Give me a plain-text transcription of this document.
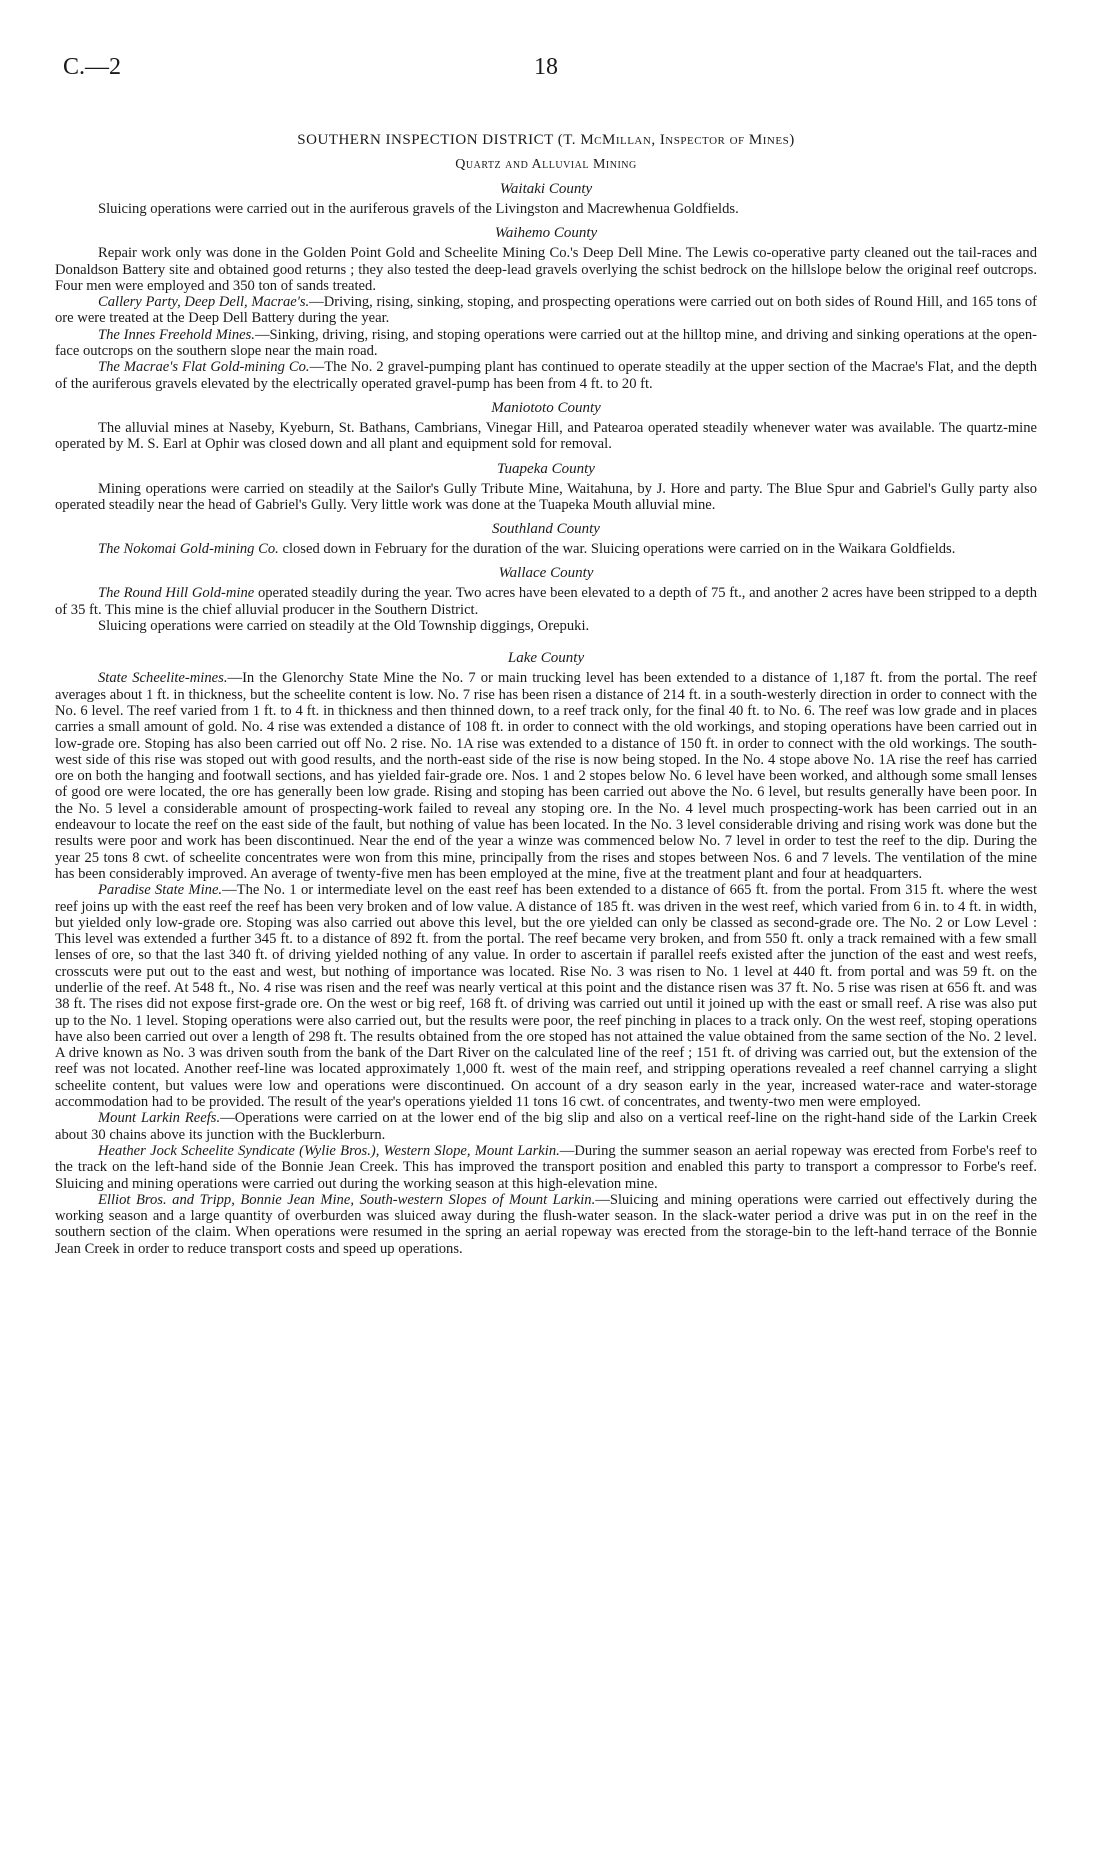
C.—2	18
SOUTHERN INSPECTION DISTRICT (T. McMillan, Inspector of Mines)
Quartz and Alluvial Mining
Waitaki County

Sluicing operations were carried out in the auriferous gravels of the Livingston and Macrewhenua Goldfields.

Waihemo County

Repair work only was done in the Golden Point Gold and Scheelite Mining Co.'s Deep Dell Mine. The Lewis co-operative party cleaned out the tail-races and Donaldson Battery site and obtained good returns ; they also tested the deep-lead gravels overlying the schist bedrock on the hillslope below the original reef outcrops. Four men were employed and 350 ton of sands treated.

Callery Party, Deep Dell, Macrae's.—Driving, rising, sinking, stoping, and prospecting operations were carried out on both sides of Round Hill, and 165 tons of ore were treated at the Deep Dell Battery during the year.

The Innes Freehold Mines.—Sinking, driving, rising, and stoping operations were carried out at the hilltop mine, and driving and sinking operations at the open-face outcrops on the southern slope near the main road.

The Macrae's Flat Gold-mining Co.—The No. 2 gravel-pumping plant has continued to operate steadily at the upper section of the Macrae's Flat, and the depth of the auriferous gravels elevated by the electrically operated gravel-pump has been from 4 ft. to 20 ft.

Maniototo County

The alluvial mines at Naseby, Kyeburn, St. Bathans, Cambrians, Vinegar Hill, and Patearoa operated steadily whenever water was available. The quartz-mine operated by M. S. Earl at Ophir was closed down and all plant and equipment sold for removal.

Tuapeka County

Mining operations were carried on steadily at the Sailor's Gully Tribute Mine, Waitahuna, by J. Hore and party. The Blue Spur and Gabriel's Gully party also operated steadily near the head of Gabriel's Gully. Very little work was done at the Tuapeka Mouth alluvial mine.

Southland County

The Nokomai Gold-mining Co. closed down in February for the duration of the war. Sluicing operations were carried on in the Waikara Goldfields.

Wallace County

The Round Hill Gold-mine operated steadily during the year. Two acres have been elevated to a depth of 75 ft., and another 2 acres have been stripped to a depth of 35 ft. This mine is the chief alluvial producer in the Southern District.

Sluicing operations were carried on steadily at the Old Township diggings, Orepuki.

Lake County

State Scheelite-mines.—In the Glenorchy State Mine the No. 7 or main trucking level has been extended to a distance of 1,187 ft. from the portal. The reef averages about 1 ft. in thickness, but the scheelite content is low. No. 7 rise has been risen a distance of 214 ft. in a south-westerly direction in order to connect with the No. 6 level. The reef varied from 1 ft. to 4 ft. in thickness and then thinned down, to a reef track only, for the final 40 ft. to No. 6. The reef was low grade and in places carries a small amount of gold. No. 4 rise was extended a distance of 108 ft. in order to connect with the old workings, and stoping operations have been carried out in low-grade ore. Stoping has also been carried out off No. 2 rise. No. 1A rise was extended to a distance of 150 ft. in order to connect with the old workings. The south-west side of this rise was stoped out with good results, and the north-east side of the rise is now being stoped. In the No. 4 stope above No. 1A rise the reef has carried ore on both the hanging and footwall sections, and has yielded fair-grade ore. Nos. 1 and 2 stopes below No. 6 level have been worked, and although some small lenses of good ore were located, the ore has generally been low grade. Rising and stoping has been carried out above the No. 6 level, but results generally have been poor. In the No. 5 level a considerable amount of prospecting-work failed to reveal any stoping ore. In the No. 4 level much prospecting-work has been carried out in an endeavour to locate the reef on the east side of the fault, but nothing of value has been located. In the No. 3 level considerable driving and rising work was done but the results were poor and work has been discontinued. Near the end of the year a winze was commenced below No. 7 level in order to test the reef to the dip. During the year 25 tons 8 cwt. of scheelite concentrates were won from this mine, principally from the rises and stopes between Nos. 6 and 7 levels. The ventilation of the mine has been considerably improved. An average of twenty-five men has been employed at the mine, five at the treatment plant and four at headquarters.

Paradise State Mine.—The No. 1 or intermediate level on the east reef has been extended to a distance of 665 ft. from the portal. From 315 ft. where the west reef joins up with the east reef the reef has been very broken and of low value. A distance of 185 ft. was driven in the west reef, which varied from 6 in. to 4 ft. in width, but yielded only low-grade ore. Stoping was also carried out above this level, but the ore yielded can only be classed as second-grade ore. The No. 2 or Low Level : This level was extended a further 345 ft. to a distance of 892 ft. from the portal. The reef became very broken, and from 550 ft. only a track remained with a few small lenses of ore, so that the last 340 ft. of driving yielded nothing of any value. In order to ascertain if parallel reefs existed after the junction of the east and west reefs, crosscuts were put out to the east and west, but nothing of importance was located. Rise No. 3 was risen to No. 1 level at 440 ft. from portal and was 59 ft. on the underlie of the reef. At 548 ft., No. 4 rise was risen and the reef was nearly vertical at this point and the distance risen was 37 ft. No. 5 rise was risen at 656 ft. and was 38 ft. The rises did not expose first-grade ore. On the west or big reef, 168 ft. of driving was carried out until it joined up with the east or small reef. A rise was also put up to the No. 1 level. Stoping operations were also carried out, but the results were poor, the reef pinching in places to a track only. On the west reef, stoping operations have also been carried out over a length of 298 ft. The results obtained from the ore stoped has not attained the value obtained from the same section of the No. 2 level. A drive known as No. 3 was driven south from the bank of the Dart River on the calculated line of the reef ; 151 ft. of driving was carried out, but the extension of the reef was not located. Another reef-line was located approximately 1,000 ft. west of the main reef, and stripping operations revealed a reef channel carrying a slight scheelite content, but values were low and operations were discontinued. On account of a dry season early in the year, increased water-race and water-storage accommodation had to be provided. The result of the year's operations yielded 11 tons 16 cwt. of concentrates, and twenty-two men were employed.

Mount Larkin Reefs.—Operations were carried on at the lower end of the big slip and also on a vertical reef-line on the right-hand side of the Larkin Creek about 30 chains above its junction with the Bucklerburn.

Heather Jock Scheelite Syndicate (Wylie Bros.), Western Slope, Mount Larkin.—During the summer season an aerial ropeway was erected from Forbe's reef to the track on the left-hand side of the Bonnie Jean Creek. This has improved the transport position and enabled this party to transport a compressor to Forbe's reef. Sluicing and mining operations were carried out during the working season at this high-elevation mine.

Elliot Bros. and Tripp, Bonnie Jean Mine, South-western Slopes of Mount Larkin.—Sluicing and mining operations were carried out effectively during the working season and a large quantity of overburden was sluiced away during the flush-water season. In the slack-water period a drive was put in on the reef in the southern section of the claim. When operations were resumed in the spring an aerial ropeway was erected from the storage-bin to the left-hand terrace of the Bonnie Jean Creek in order to reduce transport costs and speed up operations.
